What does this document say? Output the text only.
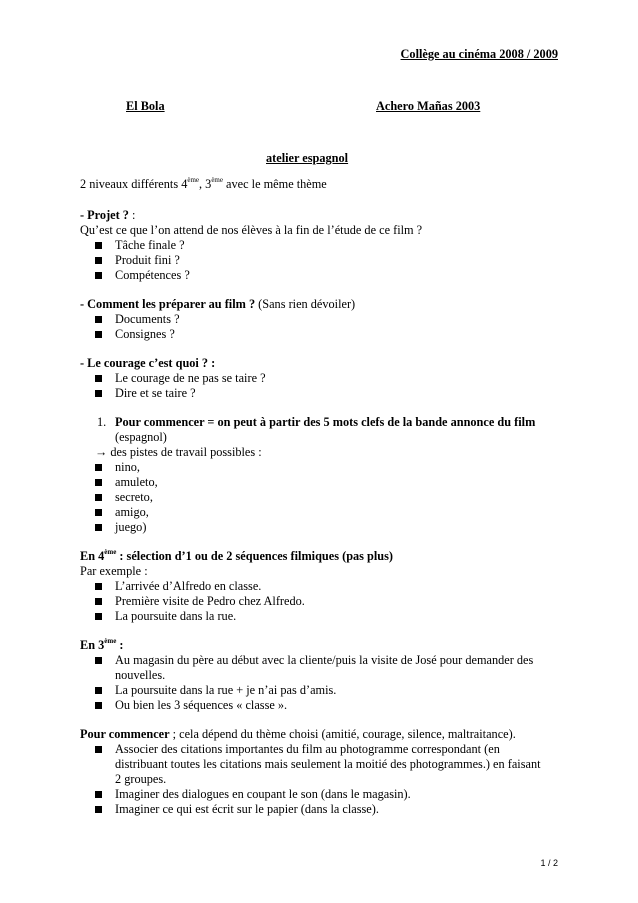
Collège au cinéma 2008 / 2009
El Bola	Achero Mañas 2003
atelier espagnol
2 niveaux différents 4ème, 3ème avec le même thème
- Projet ? :
Qu’est ce que l’on attend de nos élèves à la fin de l’étude de ce film ?
Tâche finale ?
Produit fini ?
Compétences ?
- Comment les préparer au film ? (Sans rien dévoiler)
Documents ?
Consignes ?
- Le courage c’est quoi ? :
Le courage de ne pas se taire ?
Dire et se taire ?
1. Pour commencer = on peut à partir des 5 mots clefs de la bande annonce du film
(espagnol)
→ des pistes de travail possibles :
nino,
amuleto,
secreto,
amigo,
juego)
En 4ème : sélection d’1 ou de 2 séquences filmiques (pas plus)
Par exemple :
L’arrivée d’Alfredo en classe.
Première visite de Pedro chez Alfredo.
La poursuite dans la rue.
En 3ème :
Au magasin du père au début avec la cliente/puis la visite de José pour demander des
nouvelles.
La poursuite dans la rue + je n’ai pas d’amis.
Ou bien les 3 séquences « classe ».
Pour commencer ; cela dépend du thème choisi (amitié, courage, silence, maltraitance).
Associer des citations importantes du film au photogramme correspondant (en
distribuant toutes les citations mais seulement la moitié des photogrammes.) en faisant
2 groupes.
Imaginer des dialogues en coupant le son (dans le magasin).
Imaginer ce qui est écrit sur le papier (dans la classe).
1 / 2
